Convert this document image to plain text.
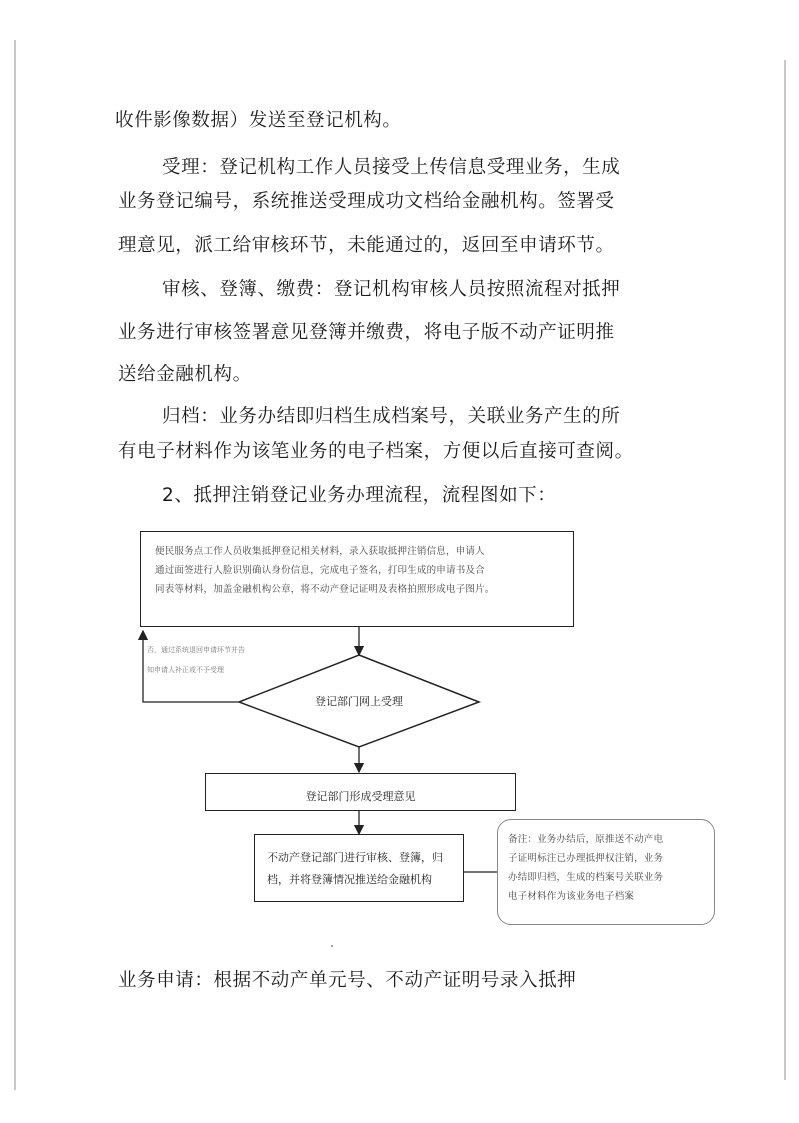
收件影像数据）发送至登记机构。
受理：登记机构工作人员接受上传信息受理业务，生成
业务登记编号，系统推送受理成功文档给金融机构。签署受
理意见，派工给审核环节，未能通过的，返回至申请环节。
审核、登簿、缴费：登记机构审核人员按照流程对抵押
业务进行审核签署意见登簿并缴费，将电子版不动产证明推
送给金融机构。
归档：业务办结即归档生成档案号，关联业务产生的所
有电子材料作为该笔业务的电子档案，方便以后直接可查阅。
2、抵押注销登记业务办理流程，流程图如下：
便民服务点工作人员收集抵押登记相关材料，录入获取抵押注销信息，申请人
通过面签进行人脸识别确认身份信息，完成电子签名，打印生成的申请书及合
同表等材料，加盖金融机构公章，将不动产登记证明及表格拍照形成电子图片。
否，通过系统退回申请环节并告
知申请人补正或不予受理
登记部门网上受理
登记部门形成受理意见
不动产登记部门进行审核、登簿，归
档，并将登簿情况推送给金融机构
备注：业务办结后，原推送不动产电
子证明标注已办理抵押权注销，业务
办结即归档，生成的档案号关联业务
电子材料作为该业务电子档案
业务申请：根据不动产单元号、不动产证明号录入抵押
